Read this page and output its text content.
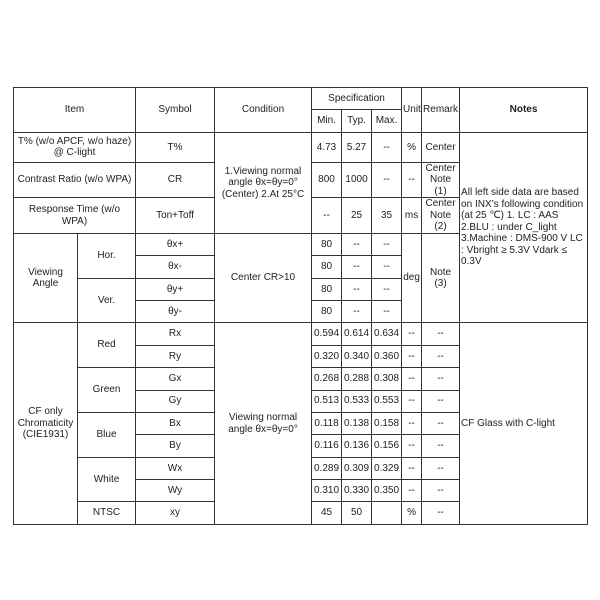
Item		Symbol	Condition	Specification			Unit	Remark	Notes
				Min.	Typ.	Max.			
T% (w/o APCF, w/o haze) @ C-light		T%	1.Viewing normal angle θx=θy=0° (Center) 2.At 25°C	4.73	5.27	--	%	Center	All left side data are based on INX’s following condition (at 25 ℃) 1. LC : AAS 2.BLU : under C_light 3.Machine : DMS-900 V LC : Vbright ≥ 5.3V Vdark ≤ 0.3V
Contrast Ratio (w/o WPA)		CR		800	1000	--	--	Center Note (1)	
Response Time (w/o WPA)		Ton+Toff		--	25	35	ms	Center Note (2)	
Viewing Angle	Hor.	θx+	Center CR>10	80	--	--	deg	Note (3)	
		θx-		80	--	--			
	Ver.	θy+		80	--	--			
		θy-		80	--	--			
CF only Chromaticity (CIE1931)	Red	Rx	Viewing normal angle θx=θy=0°	0.594	0.614	0.634	--	--	CF Glass with C-light
		Ry		0.320	0.340	0.360	--	--	
	Green	Gx		0.268	0.288	0.308	--	--	
		Gy		0.513	0.533	0.553	--	--	
	Blue	Bx		0.118	0.138	0.158	--	--	
		By		0.116	0.136	0.156	--	--	
	White	Wx		0.289	0.309	0.329	--	--	
		Wy		0.310	0.330	0.350	--	--	
	NTSC	xy		45	50		%	--	
